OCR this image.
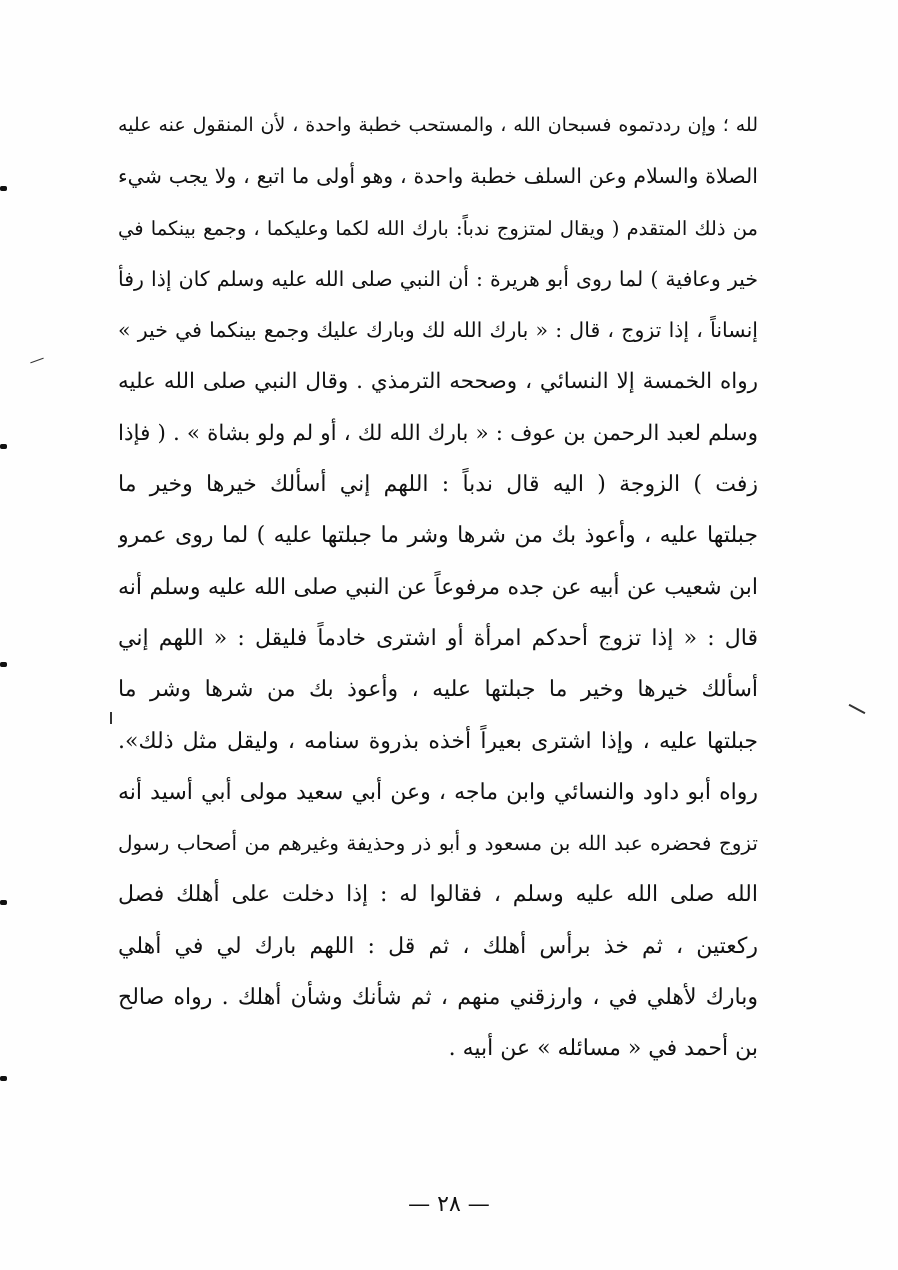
لله ؛ وإن رددتموه فسبحان الله ، والمستحب خطبة واحدة ، لأن المنقول عنه عليه
الصلاة والسلام وعن السلف خطبة واحدة ، وهو أولى ما اتبع ، ولا يجب شيء
من ذلك المتقدم ( ويقال لمتزوج ندباً: بارك الله لكما وعليكما ، وجمع بينكما في
خير وعافية ) لما روى أبو هريرة : أن النبي صلى الله عليه وسلم كان إذا رفأ
إنساناً ، إذا تزوج ، قال : « بارك الله لك وبارك عليك وجمع بينكما في خير »
رواه الخمسة إلا النسائي ، وصححه الترمذي . وقال النبي صلى الله عليه
وسلم لعبد الرحمن بن عوف : « بارك الله لك ، أو لم ولو بشاة » . ( فإذا
زفت ) الزوجة ( اليه قال ندباً : اللهم إني أسألك خيرها وخير ما
جبلتها عليه ، وأعوذ بك من شرها وشر ما جبلتها عليه ) لما روى عمرو
ابن شعيب عن أبيه عن جده مرفوعاً عن النبي صلى الله عليه وسلم أنه
قال : « إذا تزوج أحدكم امرأة أو اشترى خادماً فليقل : « اللهم إني
أسألك خيرها وخير ما جبلتها عليه ، وأعوذ بك من شرها وشر ما
جبلتها عليه ، وإذا اشترى بعيراً أخذه بذروة سنامه ، وليقل مثل ذلك».
رواه أبو داود والنسائي وابن ماجه ، وعن أبي سعيد مولى أبي أسيد أنه
تزوج فحضره عبد الله بن مسعود و أبو ذر وحذيفة وغيرهم من أصحاب رسول
الله صلى الله عليه وسلم ، فقالوا له : إذا دخلت على أهلك فصل
ركعتين ، ثم خذ برأس أهلك ، ثم قل : اللهم بارك لي في أهلي
وبارك لأهلي في ، وارزقني منهم ، ثم شأنك وشأن أهلك . رواه صالح
بن أحمد في « مسائله » عن أبيه .
— ٢٨ —
